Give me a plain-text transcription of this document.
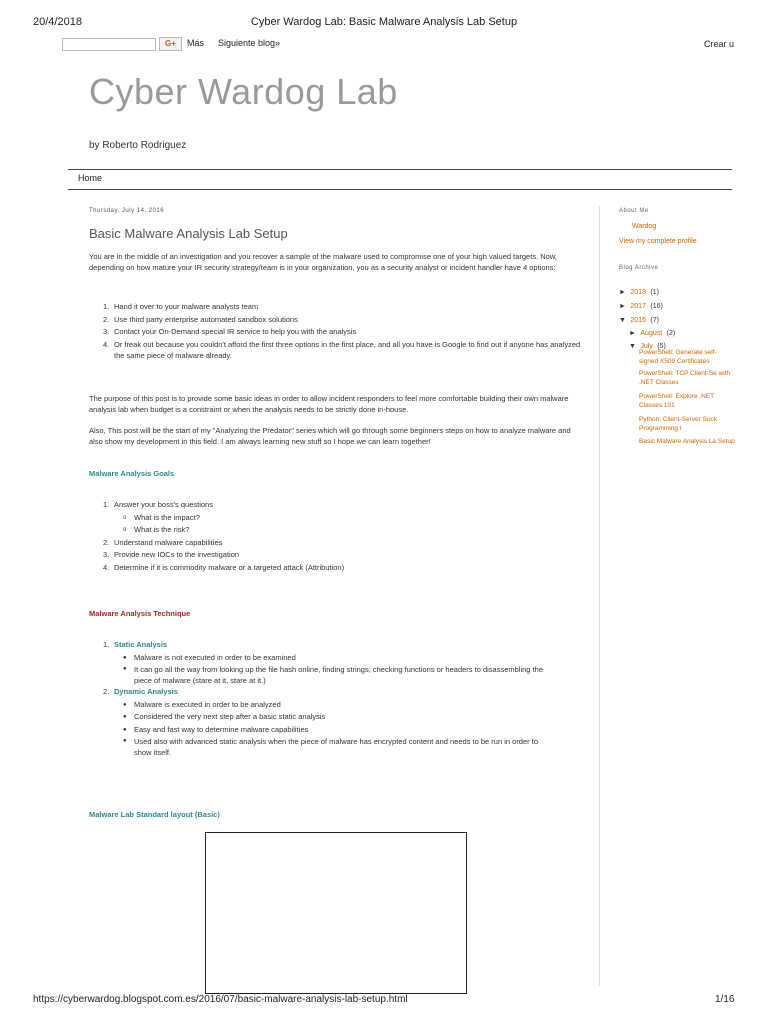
20/4/2018	Cyber Wardog Lab: Basic Malware Analysis Lab Setup
G+	Más Siguiente blog»	Crear u
Cyber Wardog Lab
by Roberto Rodriguez
Home
Thursday, July 14, 2016
Basic Malware Analysis Lab Setup
You are in the middle of an investigation and you recover a sample of the malware used to compromise one of your high valued targets. Now, depending on how mature your IR security strategy/team is in your organization, you as a security analyst or incident handler have 4 options:
1. Hand it over to your malware analysts team
2. Use third party enterprise automated sandbox solutions
3. Contact your On-Demand special IR service to help you with the analysis
4. Or freak out because you couldn't afford the first three options in the first place, and all you have is Google to find out if anyone has analyzed the same piece of malware already.
The purpose of this post is to provide some basic ideas in order to allow incident responders to feel more comfortable building their own malware analysis lab when budget is a constraint or when the analysis needs to be strictly done in-house.
Also, This post will be the start of my "Analyzing the Predator" series which will go through some beginners steps on how to analyze malware and also show my development in this field. I am always learning new stuff so I hope we can learn together!
Malware Analysis Goals
1. Answer your boss's questions
o What is the impact?
o What is the risk?
2. Understand malware capabilities
3. Provide new IOCs to the investigation
4. Determine if it is commodity malware or a targeted attack (Attribution)
Malware Analysis Technique
1. Static Analysis
● Malware is not executed in order to be examined
● It can go all the way from looking up the file hash online, finding strings, checking functions or headers to disassembling the piece of malware (stare at it, stare at it.)
2. Dynamic Analysis
● Malware is executed in order to be analyzed
● Considered the very next step after a basic static analysis
● Easy and fast way to determine malware capabilities
● Used also with advanced static analysis when the piece of malware has encrypted content and needs to be run in order to show itself.
Malware Lab Standard layout (Basic)
About Me
Wardog
View my complete profile
Blog Archive
► 2018 (1)
► 2017 (16)
▼ 2016 (7)
► August (2)
▼ July (5)
PowerShell: Generate self-signed X509 Certificates
PowerShell: TCP Client-Se with .NET Classes
PowerShell: Explore .NET Classes 101
Python: Client-Server Sock Programming I
Basic Malware Analysis La Setup
https://cyberwardog.blogspot.com.es/2016/07/basic-malware-analysis-lab-setup.html	1/16
